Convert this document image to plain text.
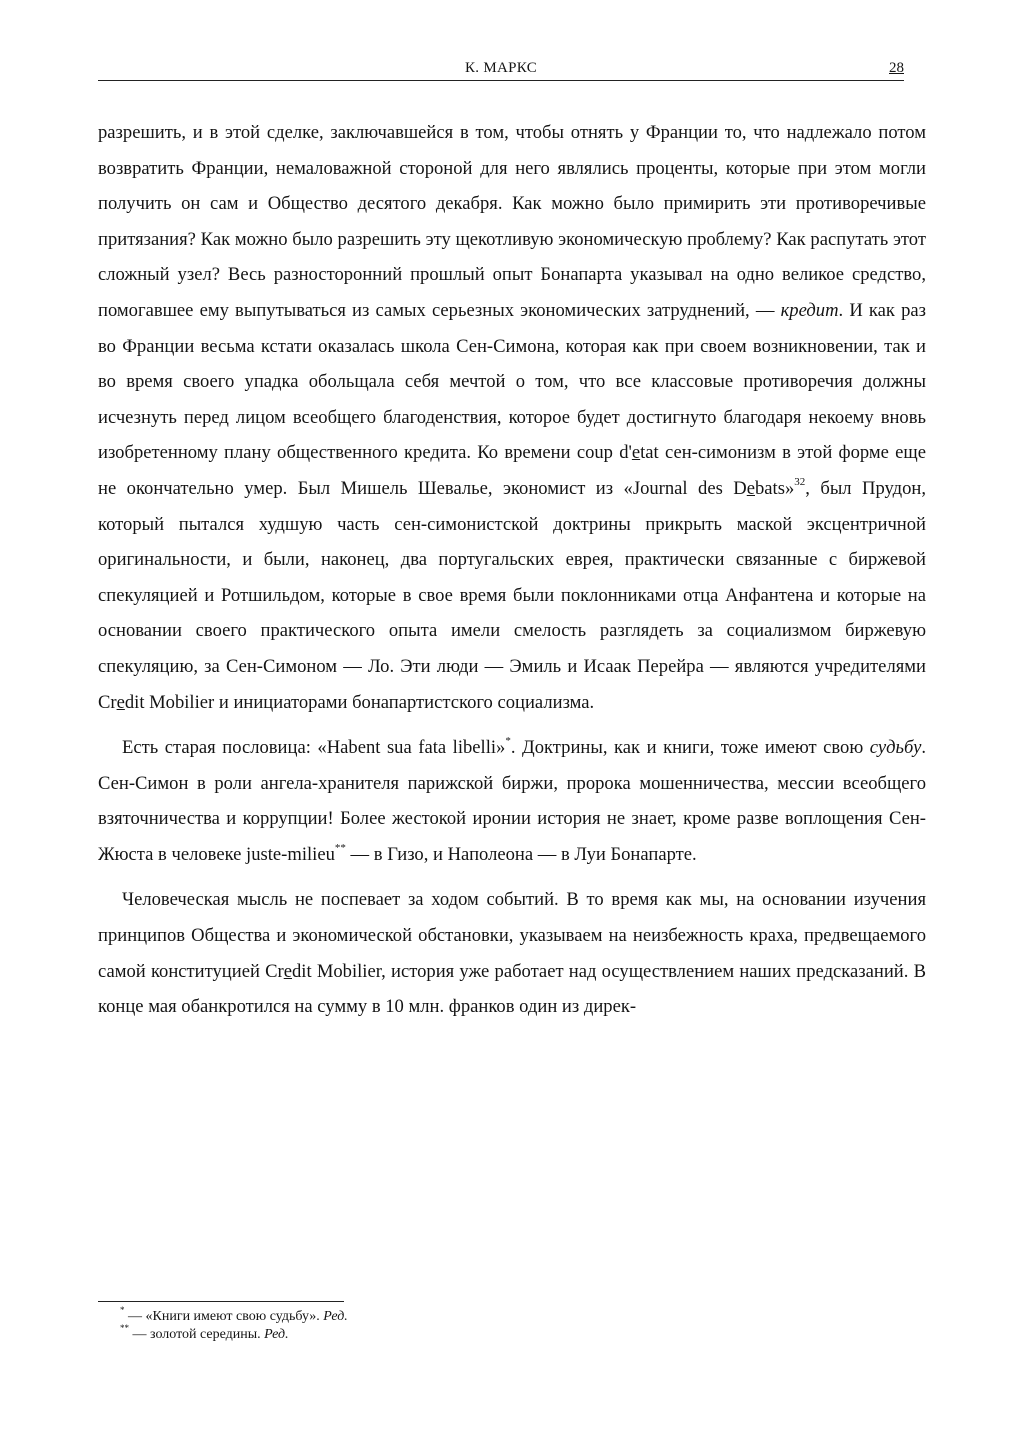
К. МАРКС	28

разрешить, и в этой сделке, заключавшейся в том, чтобы отнять у Франции то, что надлежало потом возвратить Франции, немаловажной стороной для него являлись проценты, которые при этом могли получить он сам и Общество десятого декабря. Как можно было примирить эти противоречивые притязания? Как можно было разрешить эту щекотливую экономическую проблему? Как распутать этот сложный узел? Весь разносторонний прошлый опыт Бонапарта указывал на одно великое средство, помогавшее ему выпутываться из самых серьезных экономических затруднений, — кредит. И как раз во Франции весьма кстати оказалась школа Сен-Симона, которая как при своем возникновении, так и во время своего упадка обольщала себя мечтой о том, что все классовые противоречия должны исчезнуть перед лицом всеобщего благоденствия, которое будет достигнуто благодаря некоему вновь изобретенному плану общественного кредита. Ко времени coup d'etat сен-симонизм в этой форме еще не окончательно умер. Был Мишель Шевалье, экономист из «Journal des Debats»$^{32}$, был Прудон, который пытался худшую часть сен-симонистской доктрины прикрыть маской эксцентричной оригинальности, и были, наконец, два португальских еврея, практически связанные с биржевой спекуляцией и Ротшильдом, которые в свое время были поклонниками отца Анфантена и которые на основании своего практического опыта имели смелость разглядеть за социализмом биржевую спекуляцию, за Сен-Симоном — Ло. Эти люди — Эмиль и Исаак Перейра — являются учредителями Credit Mobilier и инициаторами бонапартистского социализма.

Есть старая пословица: «Habent sua fata libelli»*. Доктрины, как и книги, тоже имеют свою судьбу. Сен-Симон в роли ангела-хранителя парижской биржи, пророка мошенничества, мессии всеобщего взяточничества и коррупции! Более жестокой иронии история не знает, кроме разве воплощения Сен-Жюста в человеке juste-milieu** — в Гизо, и Наполеона — в Луи Бонапарте.

Человеческая мысль не поспевает за ходом событий. В то время как мы, на основании изучения принципов Общества и экономической обстановки, указываем на неизбежность краха, предвещаемого самой конституцией Credit Mobilier, история уже работает над осуществлением наших предсказаний. В конце мая обанкротился на сумму в 10 млн. франков один из дирек-

* — «Книги имеют свою судьбу». Ред.
** — золотой середины. Ред.
